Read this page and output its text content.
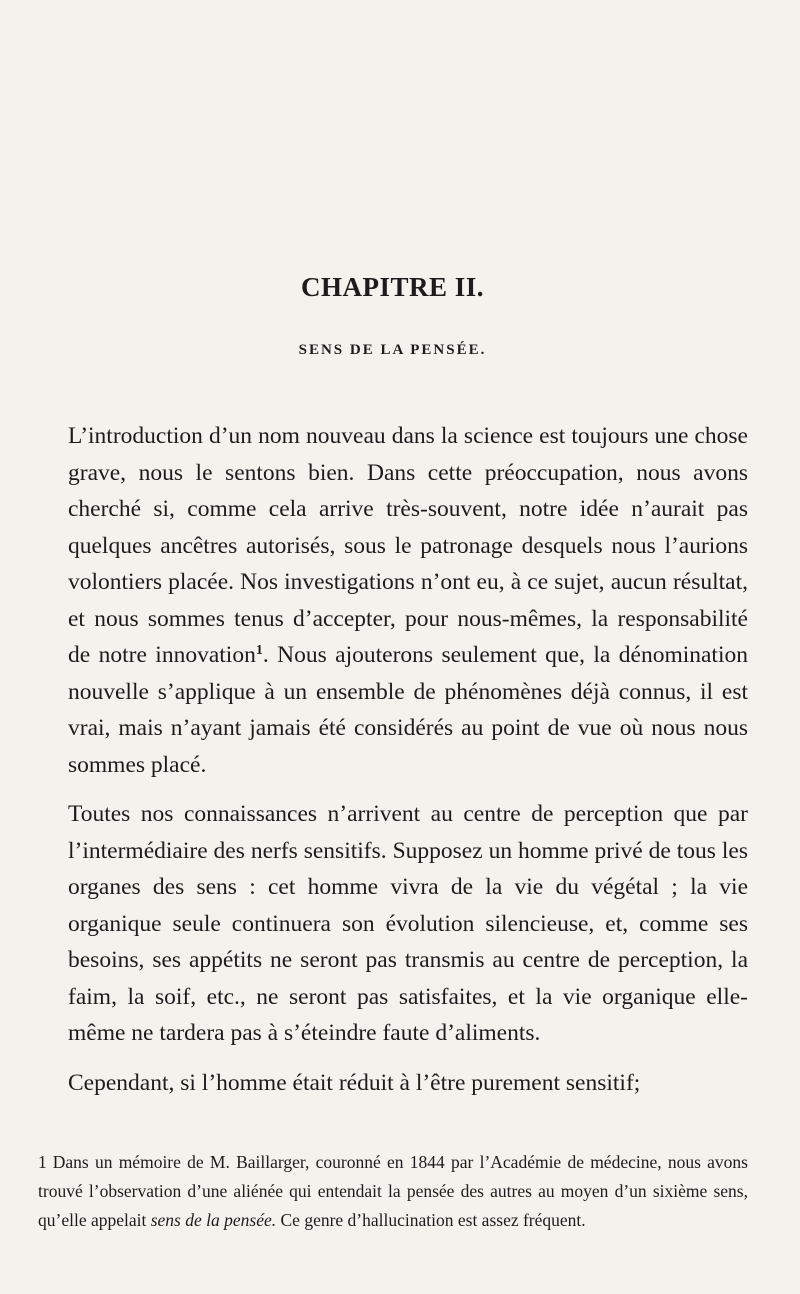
CHAPITRE II.
SENS DE LA PENSÉE.

L’introduction d’un nom nouveau dans la science est toujours une chose grave, nous le sentons bien. Dans cette préoccupation, nous avons cherché si, comme cela arrive très-souvent, notre idée n’aurait pas quelques ancêtres autorisés, sous le patronage desquels nous l’aurions volontiers placée. Nos investigations n’ont eu, à ce sujet, aucun résultat, et nous sommes tenus d’accepter, pour nous-mêmes, la responsabilité de notre innovation$^1$. Nous ajouterons seulement que, la dénomination nouvelle s’applique à un ensemble de phénomènes déjà connus, il est vrai, mais n’ayant jamais été considérés au point de vue où nous nous sommes placé.

Toutes nos connaissances n’arrivent au centre de perception que par l’intermédiaire des nerfs sensitifs. Supposez un homme privé de tous les organes des sens : cet homme vivra de la vie du végétal ; la vie organique seule continuera son évolution silencieuse, et, comme ses besoins, ses appétits ne seront pas transmis au centre de perception, la faim, la soif, etc., ne seront pas satisfaites, et la vie organique elle-même ne tardera pas à s’éteindre faute d’aliments.

Cependant, si l’homme était réduit à l’être purement sensitif;

1 Dans un mémoire de M. Baillarger, couronné en 1844 par l’Académie de médecine, nous avons trouvé l’observation d’une aliénée qui entendait la pensée des autres au moyen d’un sixième sens, qu’elle appelait sens de la pensée. Ce genre d’hallucination est assez fréquent.
